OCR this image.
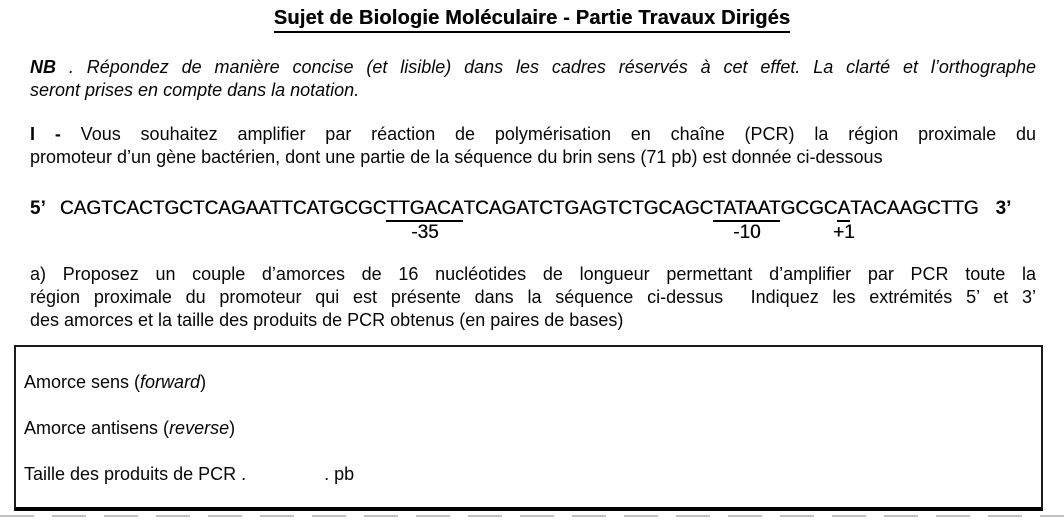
Sujet de Biologie Moléculaire - Partie Travaux Dirigés
NB . Répondez de manière concise (et lisible) dans les cadres réservés à cet effet. La clarté et l’orthographe
seront prises en compte dans la notation.
I - Vous souhaitez amplifier par réaction de polymérisation en chaîne (PCR) la région proximale du
promoteur d’un gène bactérien, dont une partie de la séquence du brin sens (71 pb) est donnée ci-dessous
5’ CAGTCACTGCTCAGAATTCATGCGCTTGACA
-35
TCAGATCTGAGTCTGCAGCTATAAT
-10
GCGCA
+1
TACAAGCTTG 3’
a) Proposez un couple d’amorces de 16 nucléotides de longueur permettant d’amplifier par PCR toute la
région proximale du promoteur qui est présente dans la séquence ci-dessus  Indiquez les extrémités 5’ et 3’
des amorces et la taille des produits de PCR obtenus (en paires de bases)
Amorce sens (forward)
Amorce antisens (reverse)
Taille des produits de PCR .	. pb
